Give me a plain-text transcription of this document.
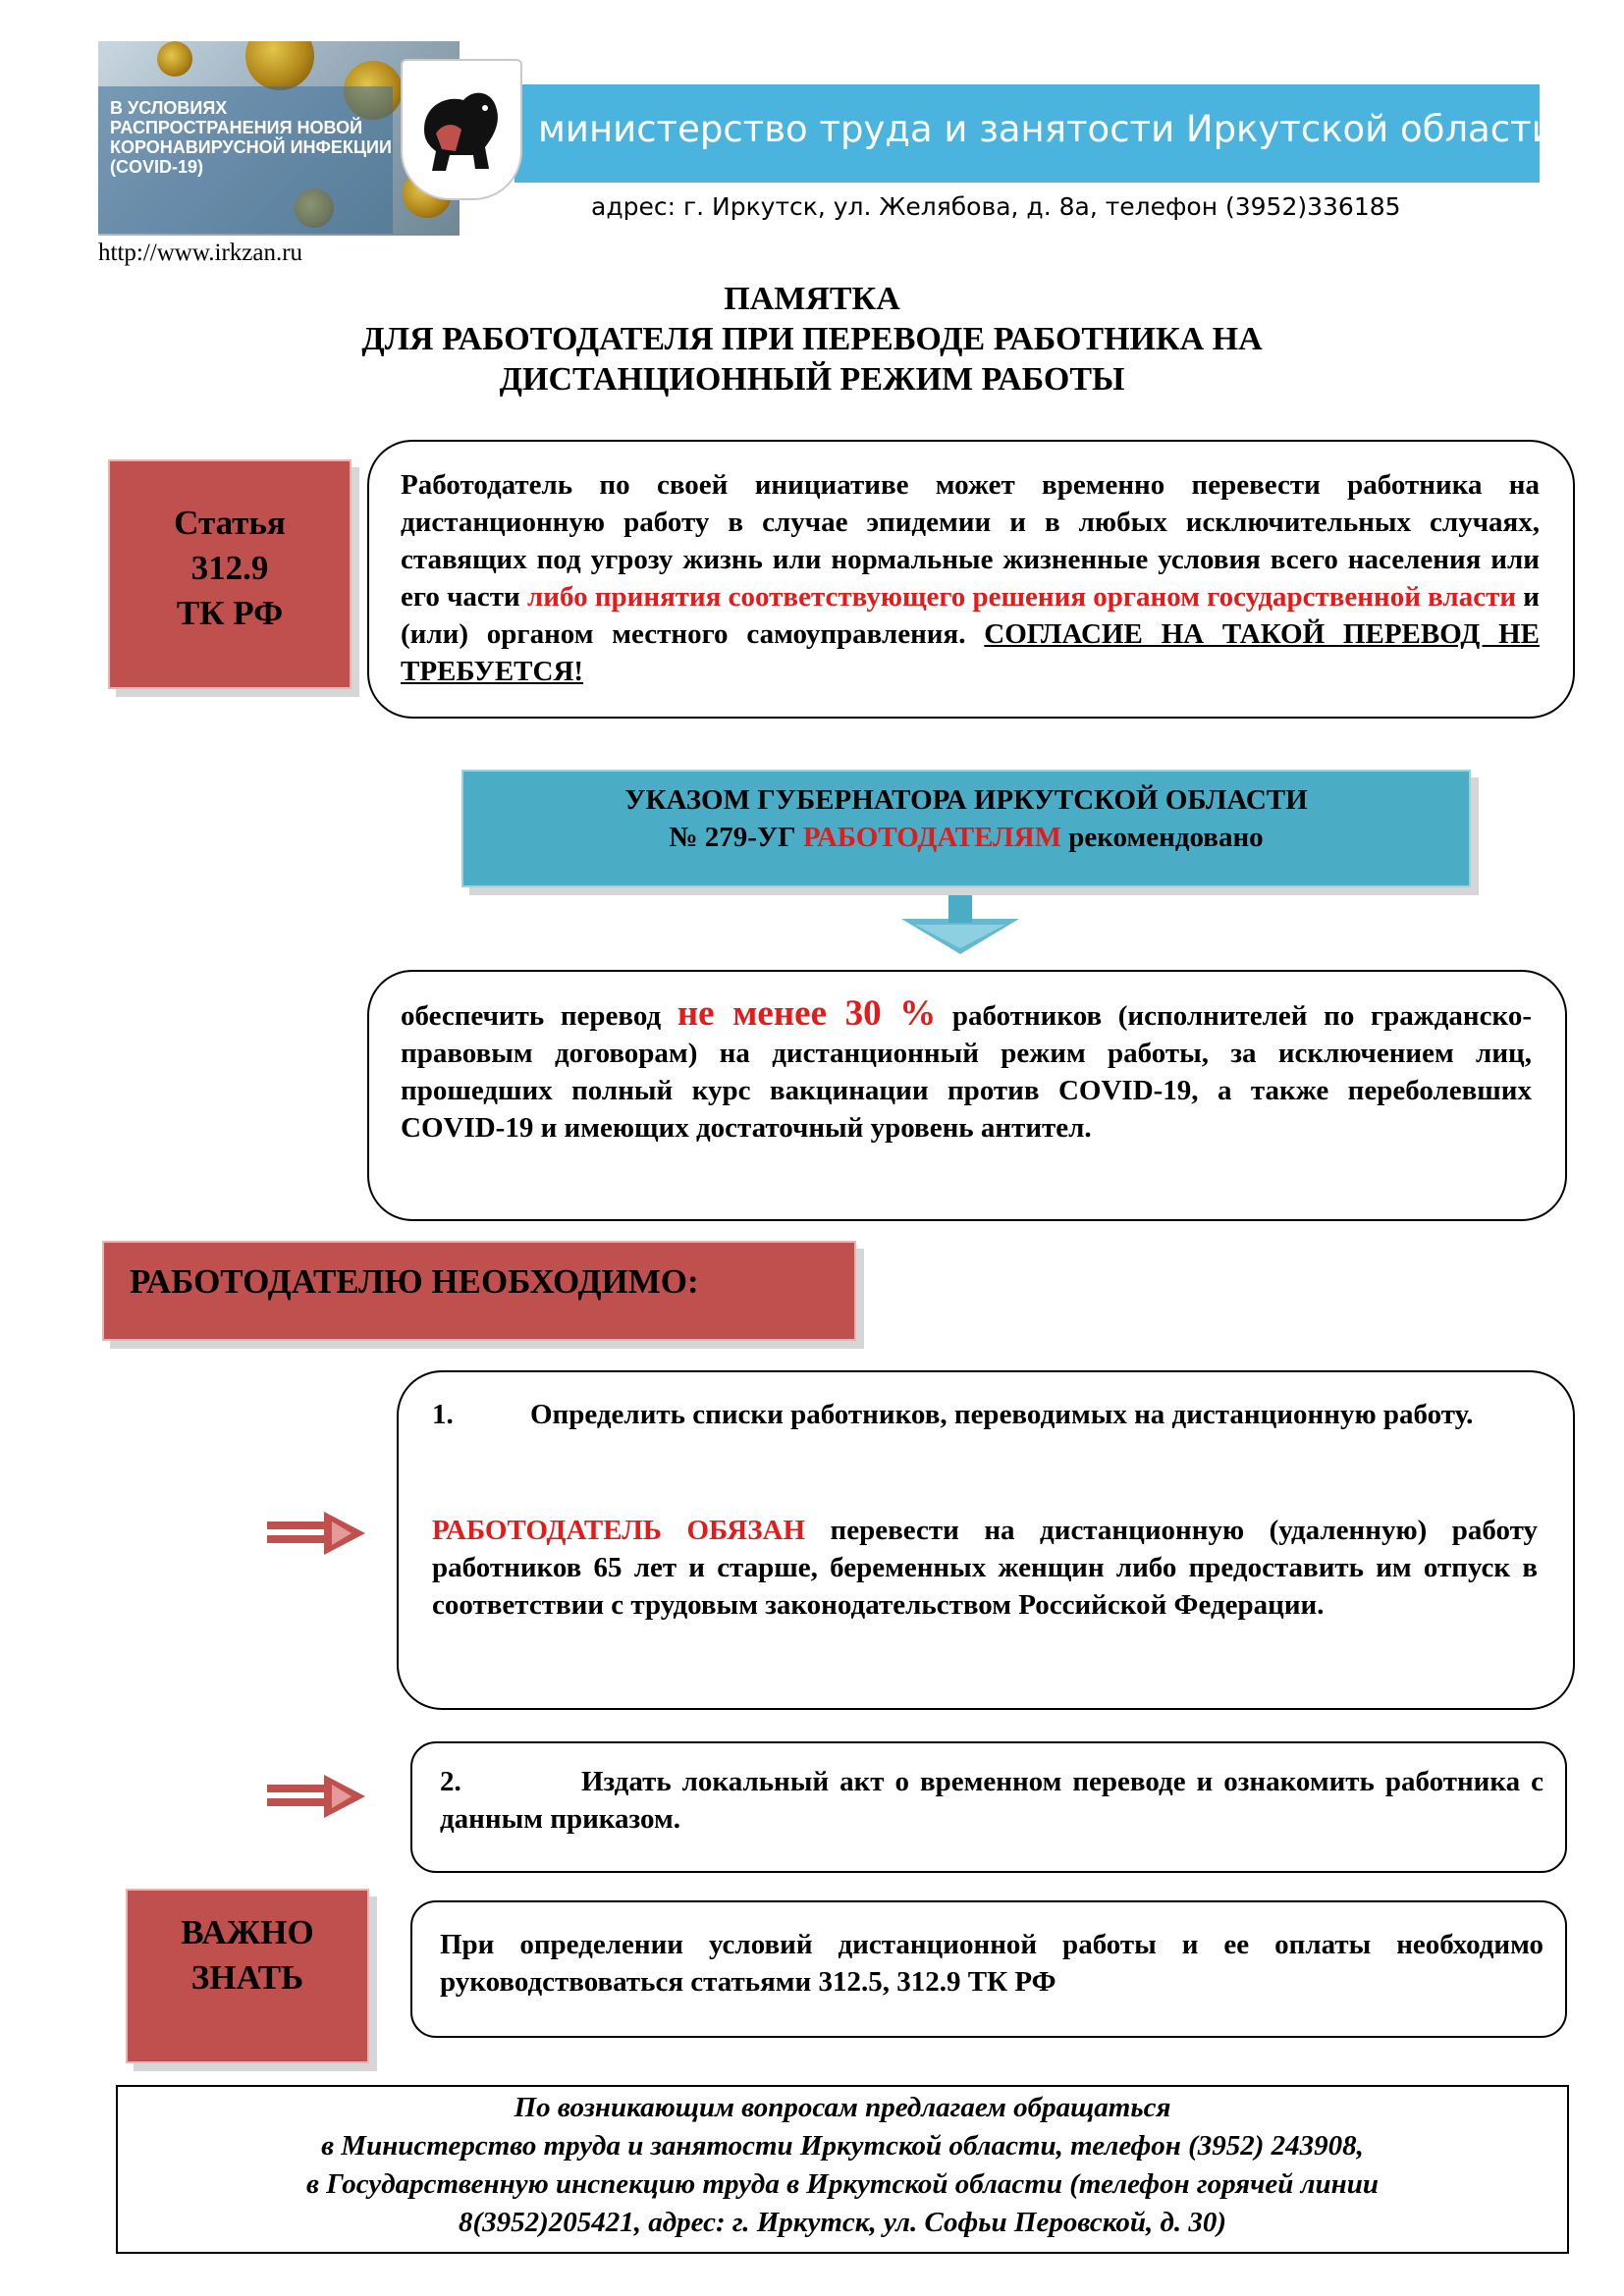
В УСЛОВИЯХ РАСПРОСТРАНЕНИЯ НОВОЙ КОРОНАВИРУСНОЙ ИНФЕКЦИИ (COVID-19)
министерство труда и занятости Иркутской области
адрес: г. Иркутск, ул. Желябова, д. 8а, телефон (3952)336185
http://www.irkzan.ru
ПАМЯТКА
ДЛЯ РАБОТОДАТЕЛЯ ПРИ ПЕРЕВОДЕ РАБОТНИКА НА
ДИСТАНЦИОННЫЙ РЕЖИМ РАБОТЫ
Статья
312.9
ТК РФ
Работодатель по своей инициативе может временно перевести работника на дистанционную работу в случае эпидемии и в любых исключительных случаях, ставящих под угрозу жизнь или нормальные жизненные условия всего населения или его части либо принятия соответствующего решения органом государственной власти и (или) органом местного самоуправления. СОГЛАСИЕ НА ТАКОЙ ПЕРЕВОД НЕ ТРЕБУЕТСЯ!
УКАЗОМ ГУБЕРНАТОРА ИРКУТСКОЙ ОБЛАСТИ
№ 279-УГ РАБОТОДАТЕЛЯМ рекомендовано
обеспечить перевод не менее 30 % работников (исполнителей по гражданско-правовым договорам) на дистанционный режим работы, за исключением лиц, прошедших полный курс вакцинации против COVID-19, а также переболевших COVID-19 и имеющих достаточный уровень антител.
РАБОТОДАТЕЛЮ НЕОБХОДИМО:
1.	Определить списки работников, переводимых на дистанционную работу.
РАБОТОДАТЕЛЬ ОБЯЗАН перевести на дистанционную (удаленную) работу работников 65 лет и старше, беременных женщин либо предоставить им отпуск в соответствии с трудовым законодательством Российской Федерации.
2.	Издать локальный акт о временном переводе и ознакомить работника с данным приказом.
ВАЖНО
ЗНАТЬ
При определении условий дистанционной работы и ее оплаты необходимо руководствоваться статьями 312.5, 312.9 ТК РФ
По возникающим вопросам предлагаем обращаться
в Министерство труда и занятости Иркутской области, телефон (3952) 243908,
в Государственную инспекцию труда в Иркутской области (телефон горячей линии
8(3952)205421, адрес: г. Иркутск, ул. Софьи Перовской, д. 30)
